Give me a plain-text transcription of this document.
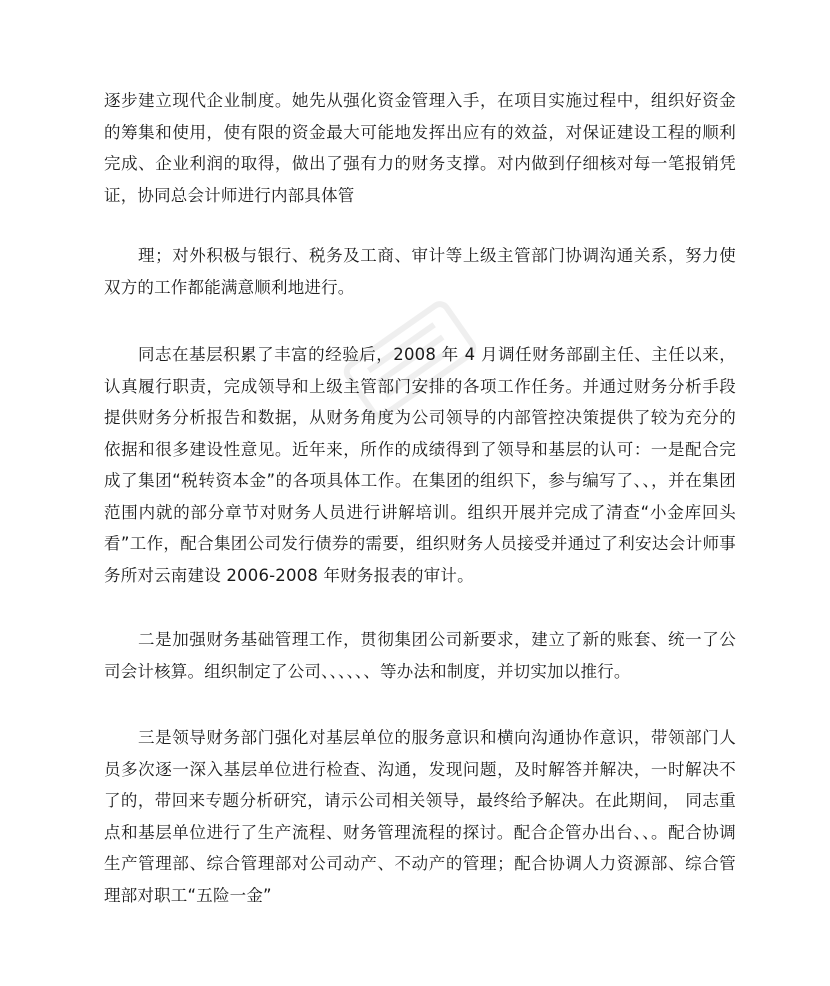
逐步建立现代企业制度。她先从强化资金管理入手，在项目实施过程中，组织好资金的筹集和使用，使有限的资金最大可能地发挥出应有的效益，对保证建设工程的顺利完成、企业利润的取得，做出了强有力的财务支撑。对内做到仔细核对每一笔报销凭证，协同总会计师进行内部具体管

理；对外积极与银行、税务及工商、审计等上级主管部门协调沟通关系，努力使双方的工作都能满意顺利地进行。

同志在基层积累了丰富的经验后，2008 年 4 月调任财务部副主任、主任以来，认真履行职责，完成领导和上级主管部门安排的各项工作任务。并通过财务分析手段提供财务分析报告和数据，从财务角度为公司领导的内部管控决策提供了较为充分的依据和很多建设性意见。近年来，所作的成绩得到了领导和基层的认可：一是配合完成了集团“税转资本金”的各项具体工作。在集团的组织下，参与编写了、、，并在集团范围内就的部分章节对财务人员进行讲解培训。组织开展并完成了清查“小金库回头看”工作，配合集团公司发行债券的需要，组织财务人员接受并通过了利安达会计师事务所对云南建设 2006-2008 年财务报表的审计。

二是加强财务基础管理工作，贯彻集团公司新要求，建立了新的账套、统一了公司会计核算。组织制定了公司、、、、、、等办法和制度，并切实加以推行。

三是领导财务部门强化对基层单位的服务意识和横向沟通协作意识，带领部门人员多次逐一深入基层单位进行检查、沟通，发现问题，及时解答并解决，一时解决不了的，带回来专题分析研究，请示公司相关领导，最终给予解决。在此期间， 同志重点和基层单位进行了生产流程、财务管理流程的探讨。配合企管办出台、、。配合协调生产管理部、综合管理部对公司动产、不动产的管理；配合协调人力资源部、综合管理部对职工“五险一金”
